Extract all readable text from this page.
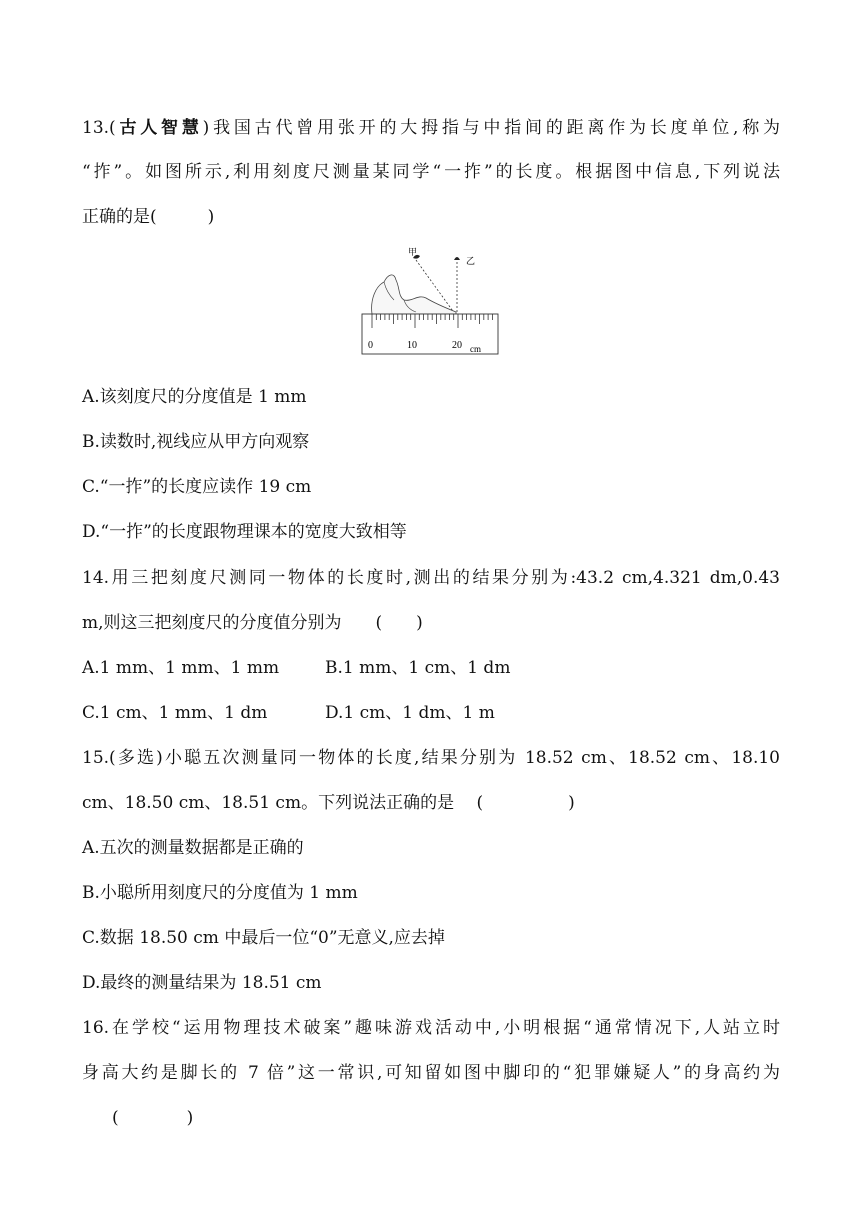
13.(古人智慧)我国古代曾用张开的大拇指与中指间的距离作为长度单位,称为
“拃”。如图所示,利用刻度尺测量某同学“一拃”的长度。根据图中信息,下列说法
正确的是(　　　)
甲
乙
0	10	20 cm
A.该刻度尺的分度值是 1 mm
B.读数时,视线应从甲方向观察
C.“一拃”的长度应读作 19 cm
D.“一拃”的长度跟物理课本的宽度大致相等
14.用三把刻度尺测同一物体的长度时,测出的结果分别为:43.2 cm,4.321 dm,0.43
m,则这三把刻度尺的分度值分别为　　(　　)
A.1 mm、1 mm、1 mm	B.1 mm、1 cm、1 dm
C.1 cm、1 mm、1 dm	D.1 cm、1 dm、1 m
15.(多选)小聪五次测量同一物体的长度,结果分别为 18.52 cm、18.52 cm、18.10
cm、18.50 cm、18.51 cm。下列说法正确的是　 (　　　　　)
A.五次的测量数据都是正确的
B.小聪所用刻度尺的分度值为 1 mm
C.数据 18.50 cm 中最后一位“0”无意义,应去掉
D.最终的测量结果为 18.51 cm
16.在学校“运用物理技术破案”趣味游戏活动中,小明根据“通常情况下,人站立时
身高大约是脚长的 7 倍”这一常识,可知留如图中脚印的“犯罪嫌疑人”的身高约为
(　　　　)
